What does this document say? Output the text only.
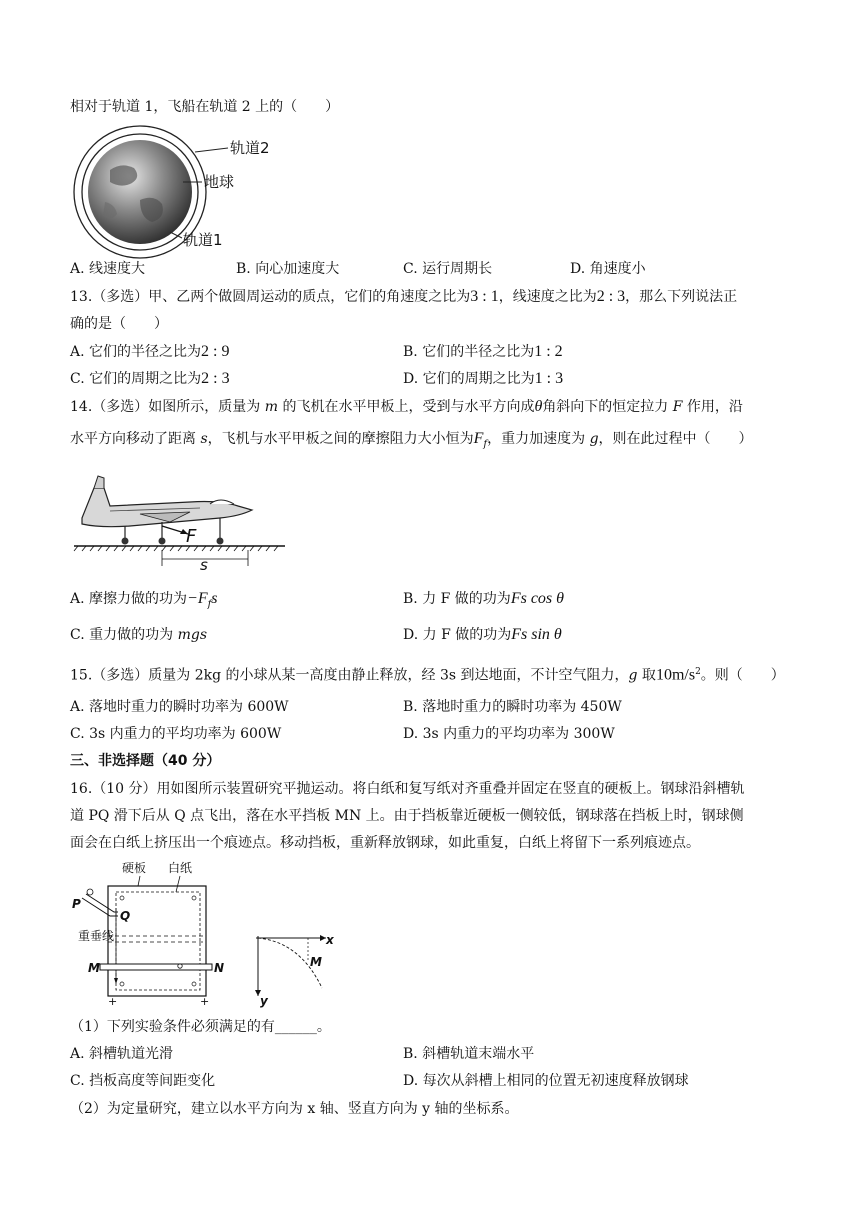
相对于轨道 1，飞船在轨道 2 上的（　　）
轨道2
地球
轨道1
A. 线速度大	B. 向心加速度大	C. 运行周期长	D. 角速度小
13.（多选）甲、乙两个做圆周运动的质点，它们的角速度之比为3 : 1，线速度之比为2 : 3，那么下列说法正
确的是（　　）
A. 它们的半径之比为2 : 9	B. 它们的半径之比为1 : 2
C. 它们的周期之比为2 : 3	D. 它们的周期之比为1 : 3
14.（多选）如图所示，质量为 m 的飞机在水平甲板上，受到与水平方向成θ角斜向下的恒定拉力 F 作用，沿
水平方向移动了距离 s，飞机与水平甲板之间的摩擦阻力大小恒为$F_f$，重力加速度为 g，则在此过程中（　　）
F
s
A. 摩擦力做的功为$-F_fs$	B. 力 F 做的功为Fs cos θ
C. 重力做的功为 mgs	D. 力 F 做的功为Fs sin θ
15.（多选）质量为 2kg 的小球从某一高度由静止释放，经 3s 到达地面，不计空气阻力，g 取$10m/s^2$。则（　　）
A. 落地时重力的瞬时功率为 600W	B. 落地时重力的瞬时功率为 450W
C. 3s 内重力的平均功率为 600W	D. 3s 内重力的平均功率为 300W
三、非选择题（40 分）
16.（10 分）用如图所示装置研究平抛运动。将白纸和复写纸对齐重叠并固定在竖直的硬板上。钢球沿斜槽轨
道 PQ 滑下后从 Q 点飞出，落在水平挡板 MN 上。由于挡板靠近硬板一侧较低，钢球落在挡板上时，钢球侧
面会在白纸上挤压出一个痕迹点。移动挡板，重新释放钢球，如此重复，白纸上将留下一系列痕迹点。
硬板 白纸
P
Q
重垂线
M	N
+	+
x
y
M
（1）下列实验条件必须满足的有______。
A. 斜槽轨道光滑	B. 斜槽轨道末端水平
C. 挡板高度等间距变化	D. 每次从斜槽上相同的位置无初速度释放钢球
（2）为定量研究，建立以水平方向为 x 轴、竖直方向为 y 轴的坐标系。
